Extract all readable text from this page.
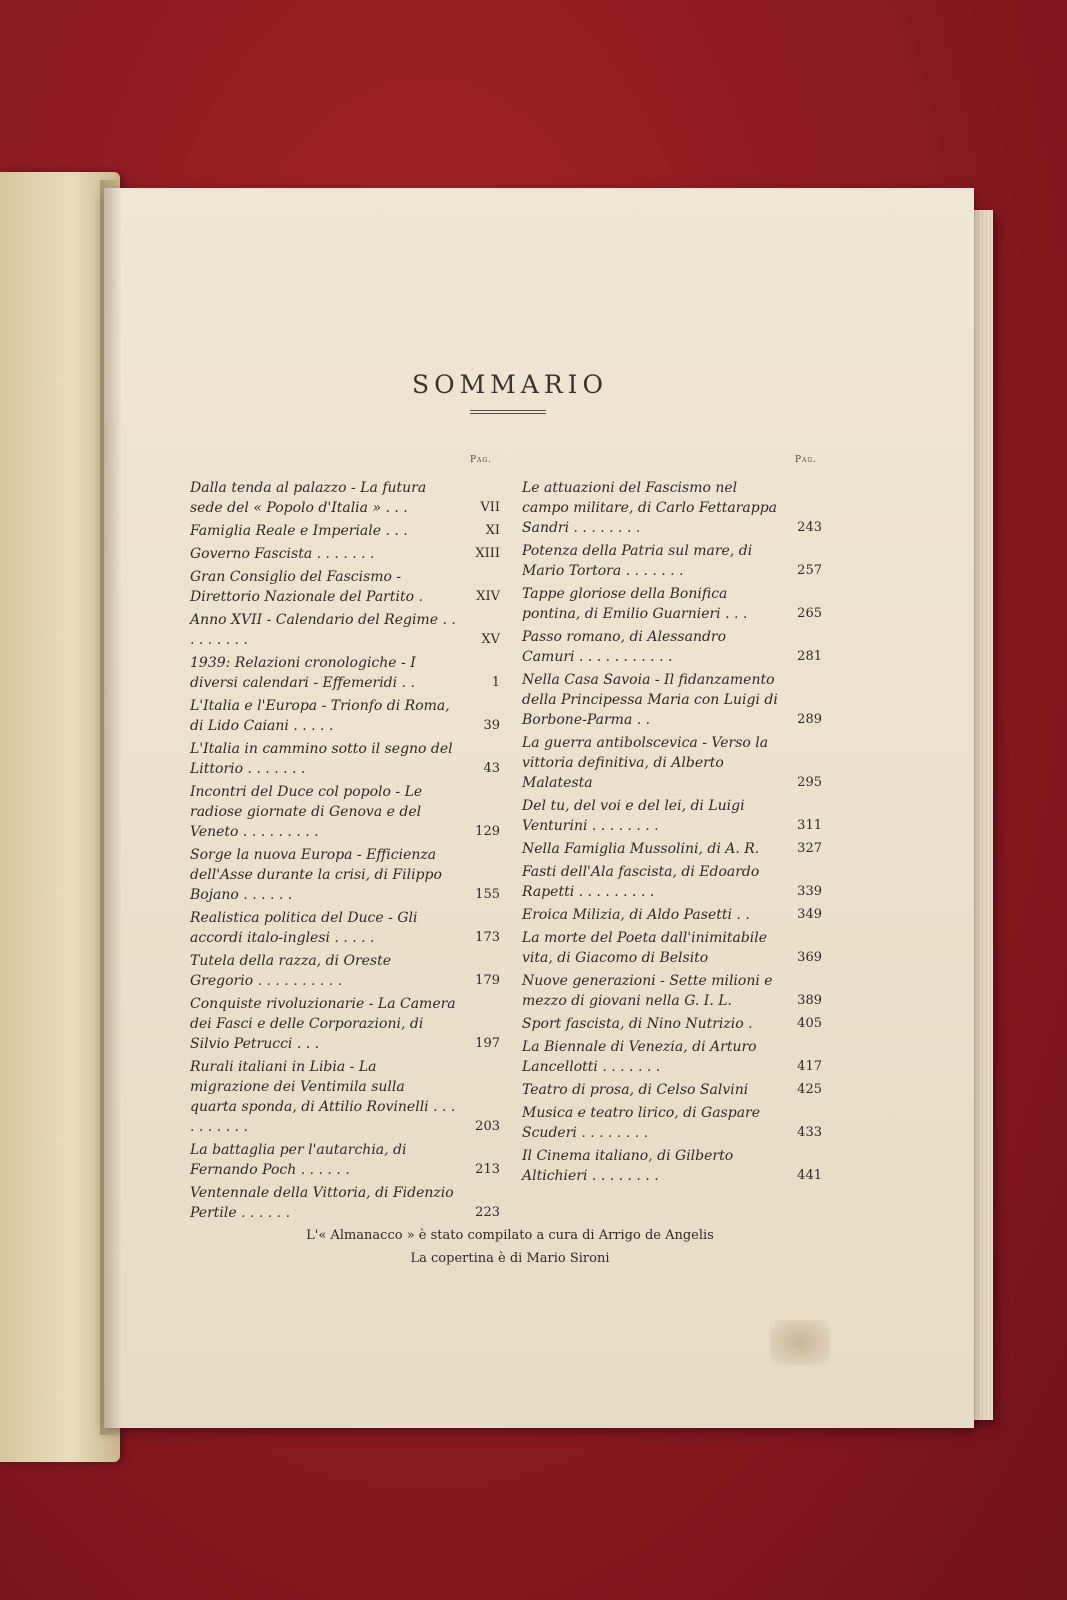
SOMMARIO
Pag.	Pag.
Dalla tenda al palazzo - La futura sede del « Popolo d'Italia » . . .	VII
Famiglia Reale e Imperiale . . .	XI
Governo Fascista . . . . . . .	XIII
Gran Consiglio del Fascismo - Direttorio Nazionale del Partito .	XIV
Anno XVII - Calendario del Regime . . . . . . . . .	XV
1939: Relazioni cronologiche - I diversi calendari - Effemeridi . .	1
L'Italia e l'Europa - Trionfo di Roma, di Lido Caiani . . . . .	39
L'Italia in cammino sotto il segno del Littorio . . . . . . .	43
Incontri del Duce col popolo - Le radiose giornate di Genova e del Veneto . . . . . . . . .	129
Sorge la nuova Europa - Efficienza dell'Asse durante la crisi, di Filippo Bojano . . . . . .	155
Realistica politica del Duce - Gli accordi italo-inglesi . . . . .	173
Tutela della razza, di Oreste Gregorio . . . . . . . . . .	179
Conquiste rivoluzionarie - La Camera dei Fasci e delle Corporazioni, di Silvio Petrucci . . .	197
Rurali italiani in Libia - La migrazione dei Ventimila sulla quarta sponda, di Attilio Rovinelli . . . . . . . . . .	203
La battaglia per l'autarchia, di Fernando Poch . . . . . .	213
Ventennale della Vittoria, di Fidenzio Pertile . . . . . .	223
Le attuazioni del Fascismo nel campo militare, di Carlo Fettarappa Sandri . . . . . . . .	243
Potenza della Patria sul mare, di Mario Tortora . . . . . . .	257
Tappe gloriose della Bonifica pontina, di Emilio Guarnieri . . .	265
Passo romano, di Alessandro Camuri . . . . . . . . . . .	281
Nella Casa Savoia - Il fidanzamento della Principessa Maria con Luigi di Borbone-Parma . .	289
La guerra antibolscevica - Verso la vittoria definitiva, di Alberto Malatesta	295
Del tu, del voi e del lei, di Luigi Venturini . . . . . . . .	311
Nella Famiglia Mussolini, di A. R.	327
Fasti dell'Ala fascista, di Edoardo Rapetti . . . . . . . . .	339
Eroica Milizia, di Aldo Pasetti . .	349
La morte del Poeta dall'inimitabile vita, di Giacomo di Belsito	369
Nuove generazioni - Sette milioni e mezzo di giovani nella G. I. L.	389
Sport fascista, di Nino Nutrizio .	405
La Biennale di Venezia, di Arturo Lancellotti . . . . . . .	417
Teatro di prosa, di Celso Salvini	425
Musica e teatro lirico, di Gaspare Scuderi . . . . . . . .	433
Il Cinema italiano, di Gilberto Altichieri . . . . . . . .	441
L'« Almanacco » è stato compilato a cura di Arrigo de Angelis
La copertina è di Mario Sironi
